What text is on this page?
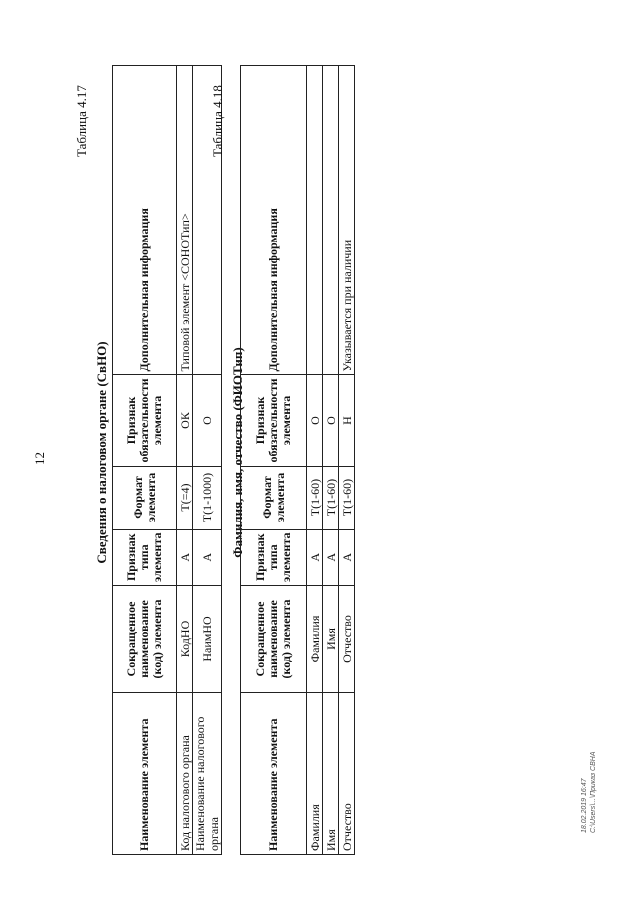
12
Таблица 4.17
Сведения о налоговом органе (СвНО)
Наименование элемента	Сокращенное наименование (код) элемента	Признак типа элемента	Формат элемента	Признак обязательности элемента	Дополнительная информация
Код налогового органа	КодНО	А	Т(=4)	ОК	Типовой элемент <СОНОТип>
Наименование налогового органа	НаимНО	А	Т(1-1000)	О	
Таблица 4.18
Фамилия, имя, отчество (ФИОТип)
Наименование элемента	Сокращенное наименование (код) элемента	Признак типа элемента	Формат элемента	Признак обязательности элемента	Дополнительная информация
Фамилия	Фамилия	А	Т(1-60)	О	
Имя	Имя	А	Т(1-60)	О	
Отчество	Отчество	А	Т(1-60)	Н	Указывается при наличии
18.02.2019 16:47 С:\Users\...\Приказ СВНА
